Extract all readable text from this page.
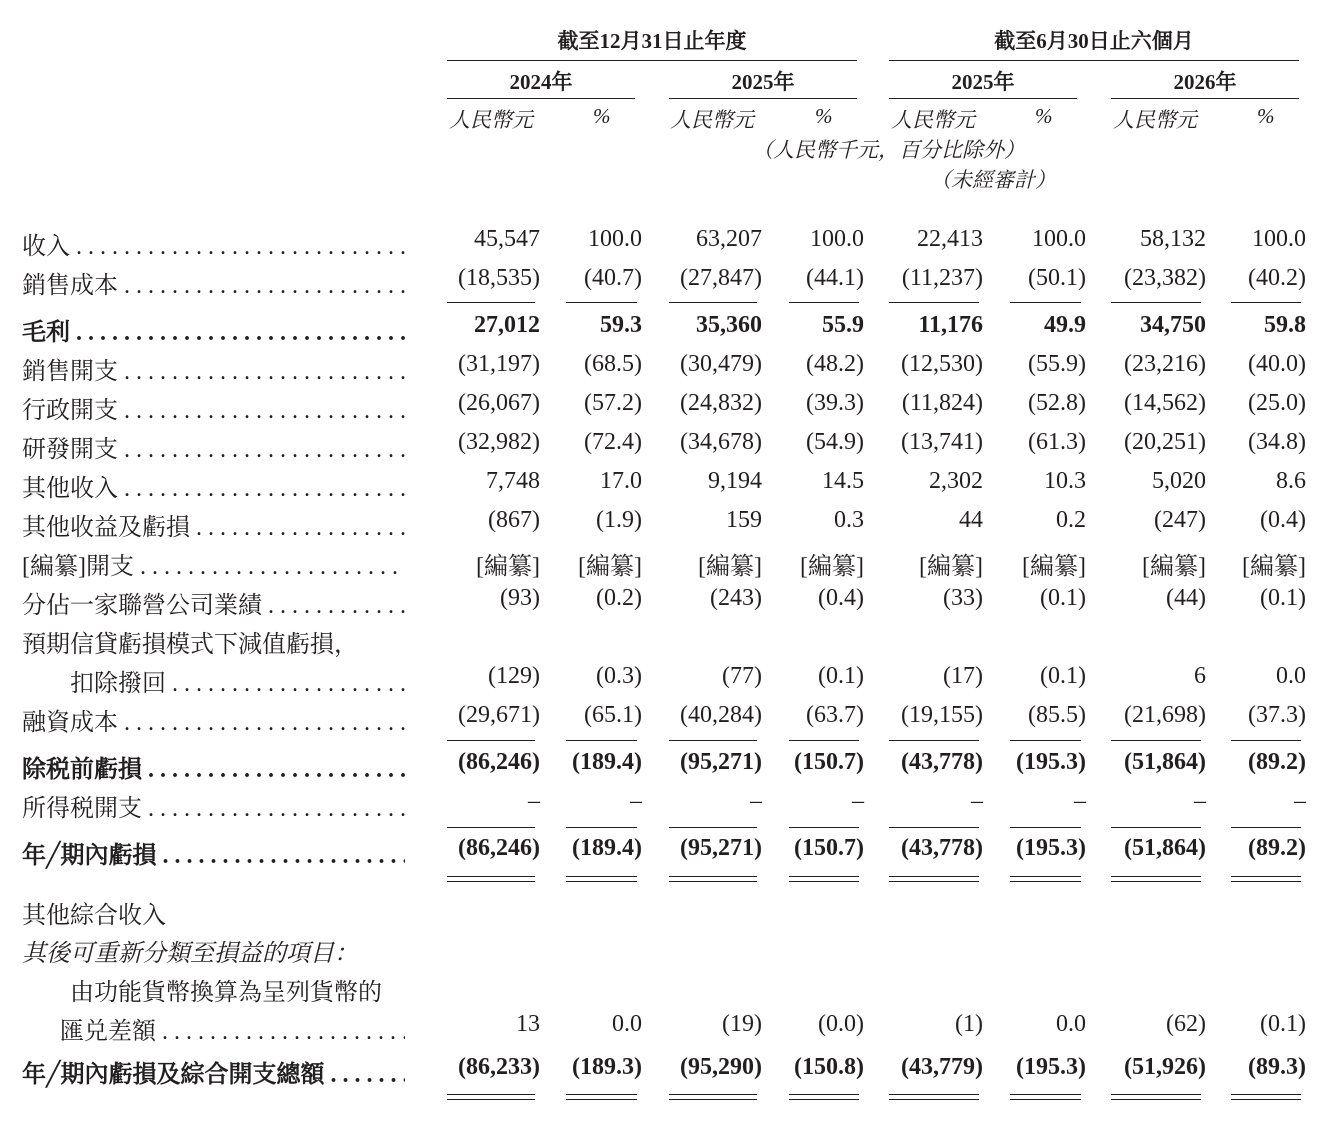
截至12月31日止年度	截至6月30日止六個月
2024年	2025年	2025年	2026年
人民幣元	%	人民幣元	%	人民幣元	%	人民幣元	%
（人民幣千元，百分比除外）
（未經審計）
收入 . . .	45,547	100.0	63,207	100.0	22,413	100.0	58,132	100.0
銷售成本 . . .	(18,535)	(40.7)	(27,847)	(44.1)	(11,237)	(50.1)	(23,382)	(40.2)
毛利 . . .	27,012	59.3	35,360	55.9	11,176	49.9	34,750	59.8
銷售開支 . . .	(31,197)	(68.5)	(30,479)	(48.2)	(12,530)	(55.9)	(23,216)	(40.0)
行政開支 . . .	(26,067)	(57.2)	(24,832)	(39.3)	(11,824)	(52.8)	(14,562)	(25.0)
研發開支 . . .	(32,982)	(72.4)	(34,678)	(54.9)	(13,741)	(61.3)	(20,251)	(34.8)
其他收入 . . .	7,748	17.0	9,194	14.5	2,302	10.3	5,020	8.6
其他收益及虧損 . . .	(867)	(1.9)	159	0.3	44	0.2	(247)	(0.4)
[編纂]開支 . . .	[編纂]	[編纂]	[編纂]	[編纂]	[編纂]	[編纂]	[編纂]	[編纂]
分佔一家聯營公司業績 . . .	(93)	(0.2)	(243)	(0.4)	(33)	(0.1)	(44)	(0.1)
預期信貸虧損模式下減值虧損，
扣除撥回 . . .	(129)	(0.3)	(77)	(0.1)	(17)	(0.1)	6	0.0
融資成本 . . .	(29,671)	(65.1)	(40,284)	(63.7)	(19,155)	(85.5)	(21,698)	(37.3)
除税前虧損 . . .	(86,246)	(189.4)	(95,271)	(150.7)	(43,778)	(195.3)	(51,864)	(89.2)
所得税開支 . . .	–	–	–	–	–	–	–	–
年╱期內虧損 . . .	(86,246)	(189.4)	(95,271)	(150.7)	(43,778)	(195.3)	(51,864)	(89.2)
其他綜合收入
其後可重新分類至損益的項目：
由功能貨幣換算為呈列貨幣的
匯兑差額 . . .	13	0.0	(19)	(0.0)	(1)	0.0	(62)	(0.1)
年╱期內虧損及綜合開支總額 . . .	(86,233)	(189.3)	(95,290)	(150.8)	(43,779)	(195.3)	(51,926)	(89.3)
